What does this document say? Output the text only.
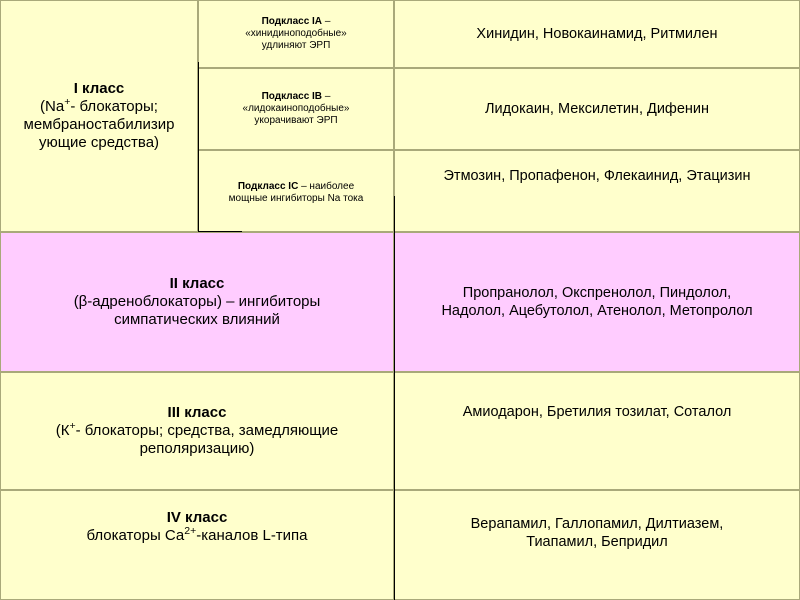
I класс
(Na+- блокаторы;
мембраностабилизир
ующие средства)
Подкласс IA –
«хинидиноподобные»
удлиняют ЭРП
Хинидин, Новокаинамид, Ритмилен
Подкласс IB –
«лидокаиноподобные»
укорачивают ЭРП
Лидокаин, Мексилетин, Дифенин
Подкласс IC – наиболее
мощные ингибиторы Na тока
Этмозин, Пропафенон, Флекаинид, Этацизин
II класс
(β-адреноблокаторы) – ингибиторы
симпатических влияний
Пропранолол, Окспренолол, Пиндолол,
Надолол, Ацебутолол, Атенолол, Метопролол
III класс
(К+- блокаторы; средства, замедляющие
реполяризацию)
Амиодарон, Бретилия тозилат, Соталол
IV класс
блокаторы $Са^{2+}$-каналов L-типа
Верапамил, Галлопамил, Дилтиазем,
Тиапамил, Бепридил
